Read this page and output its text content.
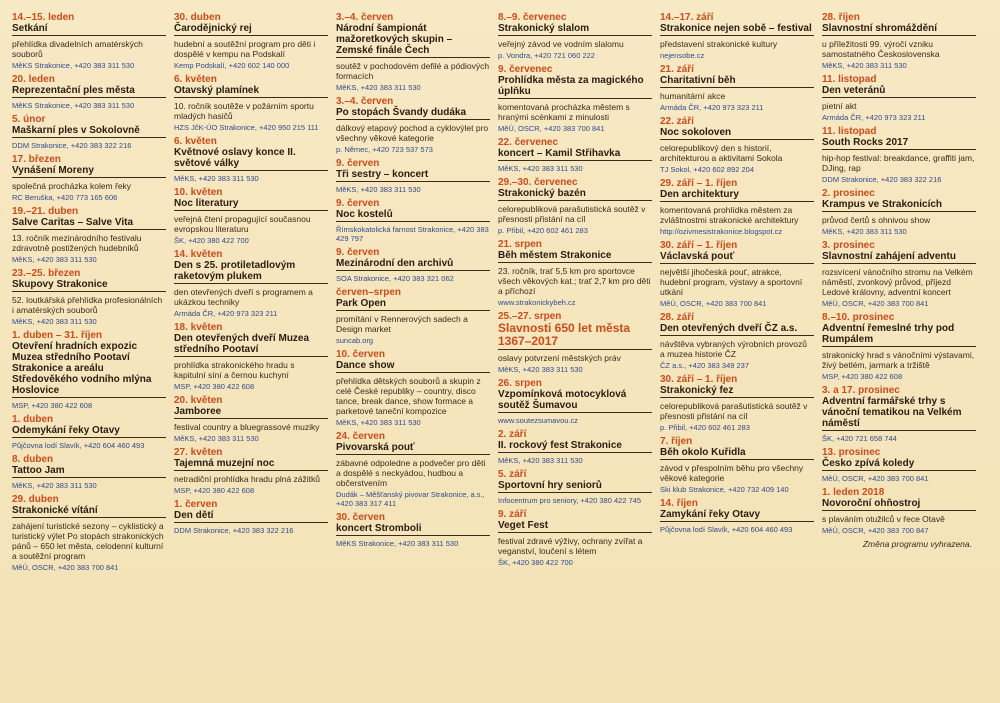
14.–15. leden
Setkání
přehlídka divadelních amatérských souborů
MěKS Strakonice, +420 383 311 530
20. leden
Reprezentační ples města
MěKS Strakonice, +420 383 311 530
5. únor
Maškarní ples v Sokolovně
DDM Strakonice, +420 383 322 216
17. březen
Vynášení Moreny
společná procházka kolem řeky
RC Beruška, +420 773 165 606
19.–21. duben
Salve Caritas – Salve Vita
13. ročník mezinárodního festivalu zdravotně postižených hudebníků
MěKS, +420 383 311 530
23.–25. březen
Skupovy Strakonice
52. loutkářská přehlídka profesionálních i amatérských souborů
MěKS, +420 383 311 530
1. duben – 31. říjen
Otevření hradních expozic Muzea středního Pootaví Strakonice a areálu Středověkého vodního mlýna Hoslovice
MSP, +420 380 422 608
1. duben
Odemykání řeky Otavy
Půjčovna lodí Slavík, +420 604 460 493
8. duben
Tattoo Jam
MěKS, +420 383 311 530
29. duben
Strakonické vítání
zahájení turistické sezony – cyklistický a turistický výlet Po stopách strakonických pánů – 650 let města, celodenní kulturní a soutěžní program
MěÚ, OSCR, +420 383 700 841
30. duben
Čarodějnický rej
hudební a soutěžní program pro děti i dospělé v kempu na Podskalí
Kemp Podskalí, +420 602 140 000
6. květen
Otavský plamínek
10. ročník soutěže v požárním sportu mladých hasičů
HZS JčK-ÚO Strakonice, +420 950 215 111
6. květen
Květnové oslavy konce II. světové války
MěKS, +420 383 311 530
10. květen
Noc literatury
veřejná čtení propagující současnou evropskou literaturu
ŠK, +420 380 422 700
14. květen
Den s 25. protiletadlovým raketovým plukem
den otevřených dveří s programem a ukázkou techniky
Armáda ČR, +420 973 323 211
18. květen
Den otevřených dveří Muzea středního Pootaví
prohlídka strakonického hradu s kapitulní síní a černou kuchyní
MSP, +420 380 422 608
20. květen
Jamboree
festival country a bluegrassové muziky
MěKS, +420 383 311 530
27. květen
Tajemná muzejní noc
netradiční prohlídka hradu plná zážitků
MSP, +420 380 422 608
1. červen
Den dětí
DDM Strakonice, +420 383 322 216
3.–4. červen
Národní šampionát mažoretkových skupin – Zemské finále Čech
soutěž v pochodovém defilé a pódiových formacích
MěKS, +420 383 311 530
3.–4. červen
Po stopách Švandy dudáka
dálkový etapový pochod a cyklovýlet pro všechny věkové kategorie
p. Němec, +420 723 537 573
9. červen
Tři sestry – koncert
MěKS, +420 383 311 530
9. červen
Noc kostelů
Římskokatolická farnost Strakonice, +420 383 429 797
9. červen
Mezinárodní den archivů
SOA Strakonice, +420 383 321 062
červen–srpen
Park Open
promítání v Rennerových sadech a Design market
suncab.org
10. červen
Dance show
přehlídka dětských souborů a skupin z celé České republiky – country, disco tance, break dance, show formace a parketové taneční kompozice
MěKS, +420 383 311 530
24. červen
Pivovarská pouť
zábavné odpoledne a podvečer pro děti a dospělé s neckyádou, hudbou a občerstvením
Dudák – Měšťanský pivovar Strakonice, a.s., +420 383 317 411
30. červen
koncert Stromboli
MěKS Strakonice, +420 383 311 530
8.–9. červenec
Strakonický slalom
veřejný závod ve vodním slalomu
p. Vondra, +420 721 060 222
9. červenec
Prohlídka města za magického úplňku
komentovaná procházka městem s hranými scénkami z minulosti
MěÚ, OSCR, +420 383 700 841
22. červenec
koncert – Kamil Střihavka
MěKS, +420 383 311 530
29.–30. červenec
Strakonický bazén
celorepubliková parašutistická soutěž v přesnosti přistání na cíl
p. Přibil, +420 602 461 283
21. srpen
Běh městem Strakonice
23. ročník, trať 5,5 km pro sportovce všech věkových kat.; trať 2,7 km pro děti a příchozí
www.strakonickybeh.cz
25.–27. srpen
Slavnosti 650 let města 1367–2017
oslavy potvrzení městských práv
MěKS, +420 383 311 530
26. srpen
Vzpomínková motocyklová soutěž Šumavou
www.soutezsumavou.cz
2. září
II. rockový fest Strakonice
MěKS, +420 383 311 530
5. září
Sportovní hry seniorů
Infocentrum pro seniory, +420 380 422 745
9. září
Veget Fest
festival zdravé výživy, ochrany zvířat a veganství, loučení s létem
ŠK, +420 380 422 700
14.–17. září
Strakonice nejen sobě – festival
představení strakonické kultury
nejensobe.cz
21. září
Charitativní běh
humanitární akce
Armáda ČR, +420 973 323 211
22. září
Noc sokoloven
celorepublikový den s historií, architekturou a aktivitami Sokola
TJ Sokol, +420 602 892 204
29. září – 1. říjen
Den architektury
komentovaná prohlídka městem za zvláštnostmi strakonické architektury
http://ozivmesistrakonice.blogspot.cz
30. září – 1. říjen
Václavská pouť
největší jihočeská pouť, atrakce, hudební program, výstavy a sportovní utkání
MěÚ, OSCR, +420 383 700 841
28. září
Den otevřených dveří ČZ a.s.
návštěva vybraných výrobních provozů a muzea historie ČZ
ČZ a.s., +420 383 349 237
30. září – 1. říjen
Strakonický fez
celorepubliková parašutistická soutěž v přesnosti přistání na cíl
p. Přibil, +420 602 461 283
7. říjen
Běh okolo Kuřidla
závod v přespolním běhu pro všechny věkové kategorie
Ski klub Strakonice, +420 732 409 140
14. říjen
Zamykání řeky Otavy
Půjčovna lodí Slavík, +420 604 460 493
28. říjen
Slavnostní shromáždění
u příležitosti 99. výročí vzniku samostatného Československa
MěKS, +420 383 311 530
11. listopad
Den veteránů
pietní akt
Armáda ČR, +420 973 323 211
11. listopad
South Rocks 2017
hip-hop festival: breakdance, graffiti jam, DJing, rap
DDM Strakonice, +420 383 322 216
2. prosinec
Krampus ve Strakonicích
průvod čertů s ohnivou show
MěKS, +420 383 311 530
3. prosinec
Slavnostní zahájení adventu
rozsvícení vánočního stromu na Velkém náměstí, zvonkový průvod, příjezd Ledové královny, adventní koncert
MěÚ, OSCR, +420 383 700 841
8.–10. prosinec
Adventní řemeslné trhy pod Rumpálem
strakonický hrad s vánočními výstavami, živý betlém, jarmark a tržiště
MSP, +420 380 422 608
3. a 17. prosinec
Adventní farmářské trhy s vánoční tematikou na Velkém náměstí
ŠK, +420 721 658 744
13. prosinec
Česko zpívá koledy
MěÚ, OSCR, +420 383 700 841
1. leden 2018
Novoroční ohňostroj
s plaváním otužilců v řece Otavě
MěÚ, OSCR, +420 383 700 847
Změna programu vyhrazena.
